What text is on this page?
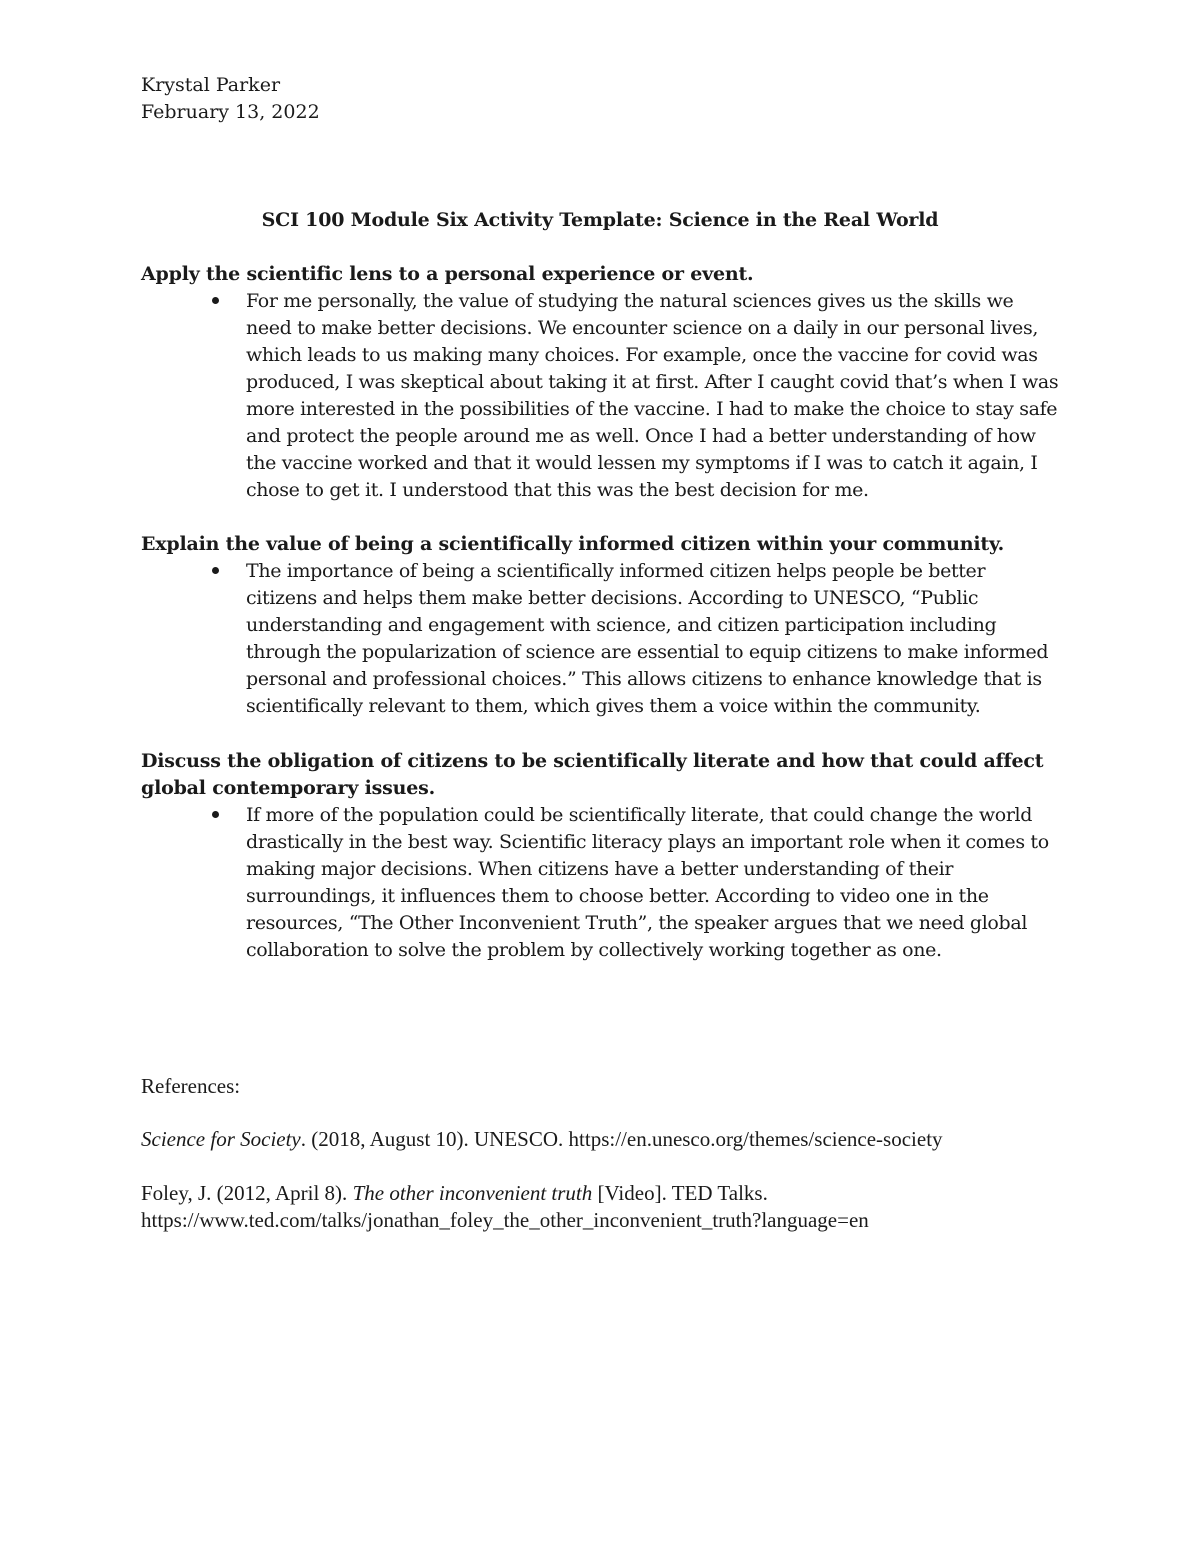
Krystal Parker
February 13, 2022
SCI 100 Module Six Activity Template: Science in the Real World

Apply the scientific lens to a personal experience or event.

For me personally, the value of studying the natural sciences gives us the skills we need to make better decisions. We encounter science on a daily in our personal lives, which leads to us making many choices. For example, once the vaccine for covid was produced, I was skeptical about taking it at first. After I caught covid that’s when I was more interested in the possibilities of the vaccine. I had to make the choice to stay safe and protect the people around me as well. Once I had a better understanding of how the vaccine worked and that it would lessen my symptoms if I was to catch it again, I chose to get it. I understood that this was the best decision for me.

Explain the value of being a scientifically informed citizen within your community.

The importance of being a scientifically informed citizen helps people be better citizens and helps them make better decisions. According to UNESCO, “Public understanding and engagement with science, and citizen participation including through the popularization of science are essential to equip citizens to make informed personal and professional choices.” This allows citizens to enhance knowledge that is scientifically relevant to them, which gives them a voice within the community.

Discuss the obligation of citizens to be scientifically literate and how that could affect global contemporary issues.

If more of the population could be scientifically literate, that could change the world drastically in the best way. Scientific literacy plays an important role when it comes to making major decisions. When citizens have a better understanding of their surroundings, it influences them to choose better. According to video one in the resources, “The Other Inconvenient Truth”, the speaker argues that we need global collaboration to solve the problem by collectively working together as one.
References:
Science for Society. (2018, August 10). UNESCO. https://en.unesco.org/themes/science-society
Foley, J. (2012, April 8). The other inconvenient truth [Video]. TED Talks.
https://www.ted.com/talks/jonathan_foley_the_other_inconvenient_truth?language=en
